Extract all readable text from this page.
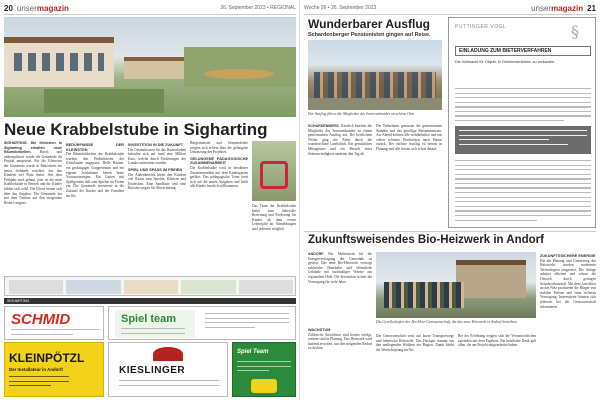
20 unsermagazin	26. September 2023 • REGIONAL
Neue Krabbelstube in Sigharting
SIGHARTING. Die Kleinsten in Sigharting erhalten neue Räumlichkeiten. Rasch und unkompliziert wurde die Gemeinde ihr Projekt umgesetzt. Für die Kleinsten der Gemeinde wurde in Rekordzeit ein neues Gebäude errichtet, das den Kindern viel Platz bietet. Seit dem Frühjahr wird gebaut, jetzt ist die neue Krabbelstube in Betrieb und die Kinder fühlen sich wohl. Die Eltern freuen sich über das Angebot. Die Gemeinde hat mit dem Neubau auf den steigenden Bedarf reagiert.
BEDÜRFNISSE DER KLEINSTEN
Die Räumlichkeiten der Krabbelstube wurden den Bedürfnissen der Kleinkinder angepasst. Helle Räume, ein großzügiger Gruppenraum und ein eigener Schlafraum bieten beste Voraussetzungen. Ein Garten mit Spielgeräten lädt zum Spielen im Freien ein. Die Gemeinde investierte in die Zukunft der Kinder und der Familien im Ort.
INVESTITION IN DIE ZUKUNFT
Die Gesamtkosten für das Bauvorhaben belaufen sich auf rund eine Million Euro, welche durch Förderungen des Landes unterstützt wurden.
SPIEL UND SPASS IM FREIEN
Der Außenbereich bietet den Kindern viel Raum zum Spielen, Klettern und Entdecken. Eine Sandkiste und eine Rutsche sorgen für Abwechslung.
Bürgermeister und Gemeinderäte zeigten sich erfreut über die gelungene Umsetzung des Projektes.
GELUNGENE PÄDAGOGISCHE ZUSAMMENARBEIT
Die Krabbelstube wird in bewährter Zusammenarbeit mit dem Kindergarten geführt. Das pädagogische Team freut sich auf die neuen Aufgaben und heißt alle Kinder herzlich willkommen.
Das Team der Krabbelstube bietet eine liebevolle Betreuung und Förderung für Kinder ab dem ersten Lebensjahr an. Anmeldungen sind jederzeit möglich.
SIGHARTING
SCHMID	Spiel team
KLEINPÖTZL
Der Installateur in Andorf!	KIESLINGER
Spiel Team
Woche 26 • 26. September 2023	unsermagazin 21
Wunderbarer Ausflug
Schardenberger Pensionisten gingen auf Reise.
Der Ausflug führte die Mitglieder des Seniorenbundes an schöne Orte.
SCHARDENBERG. Kürzlich brachen die Mitglieder des Seniorenbundes zu einem gemeinsamen Ausflug auf. Bei herrlichem Wetter ging die Fahrt durch die wunderschöne Landschaft. Ein gemütliches Mittagessen und ein Besuch einer Sehenswürdigkeit rundeten den Tag ab.
Die Teilnehmer genossen die gemeinsamen Stunden und das gesellige Beisammensein. Am Abend kehrten alle wohlbehalten und mit vielen schönen Eindrücken nach Hause zurück. Der nächste Ausflug ist bereits in Planung und alle freuen sich schon darauf.
PUTTINGER VOGL	§
EINLADUNG ZUM BIETERVERFAHREN
Die Vollmacht für Objekt: In Geheimverfahren zu verkaufen.
Zukunftsweisendes Bio-Heizwerk in Andorf
ANDORF. Ein Meilenstein für die Energieversorgung der Gemeinde ist gesetzt. Das neue Bio-Heizwerk versorgt zahlreiche Haushalte und öffentliche Gebäude mit nachhaltiger Wärme aus regionalem Holz. Die Investition sichert die Versorgung für viele Jahre.
Die Gesellschafter der Bio-Heiz-Genossenschaft, die das neue Heizwerk in Andorf betreiben.
WACHSTUM
Zahlreiche Anschlüsse sind bereits erfolgt, weitere sind in Planung. Das Heizwerk wird laufend erweitert, um den steigenden Bedarf zu decken.
Die Genossenschaft setzt auf kurze Transportwege und heimische Rohstoffe. Das Hackgut stammt aus den umliegenden Wäldern der Region. Damit bleibt die Wertschöpfung im Ort.
Bei der Eröffnung zeigten sich die Verantwortlichen zufrieden mit dem Ergebnis. Ein herzlicher Dank galt allen, die am Projekt mitgearbeitet haben.
ZUKUNFTSSICHERE ENERGIE
Für die Planung und Umsetzung des Heizwerks wurden modernste Technologien eingesetzt. Die Anlage arbeitet effizient und schont die Umwelt durch geringen Schadstoffausstoß. Mit dem Anschluss an das Netz profitieren die Bürger von stabilen Preisen und einer sicheren Versorgung. Interessierte können sich jederzeit bei der Genossenschaft informieren.
